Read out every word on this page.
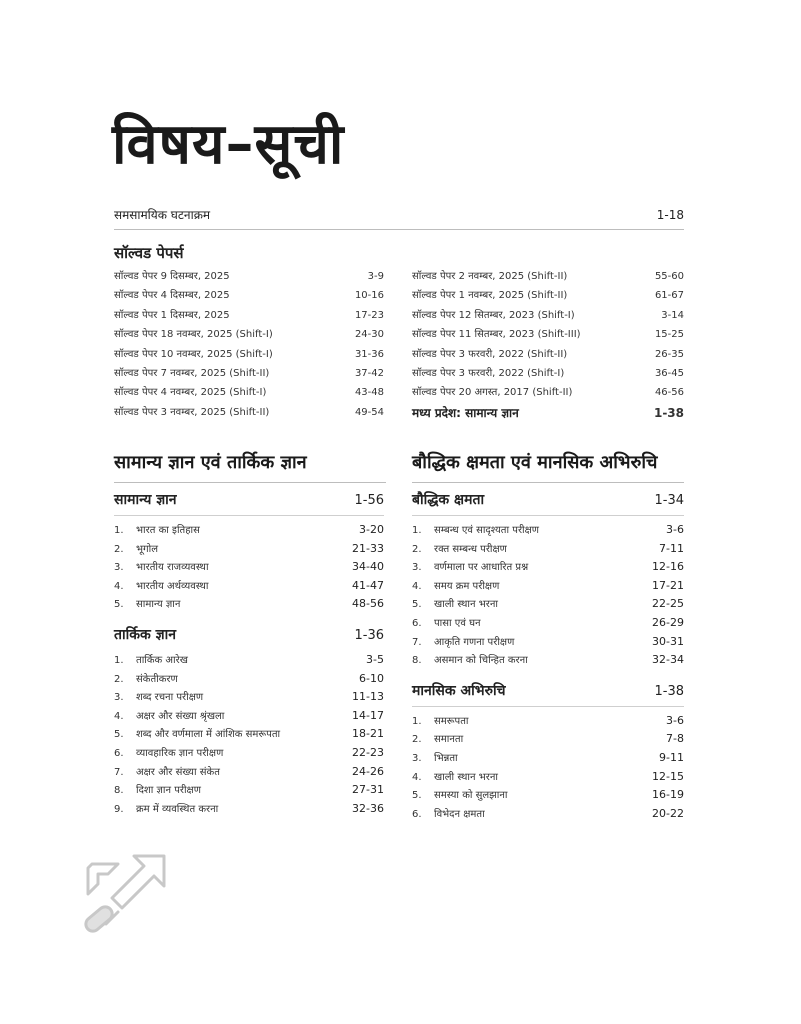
विषय–सूची
समसामयिक घटनाक्रम	1-18
सॉल्वड पेपर्स
सॉल्वड पेपर 9 दिसम्बर, 2025	3-9
सॉल्वड पेपर 4 दिसम्बर, 2025	10-16
सॉल्वड पेपर 1 दिसम्बर, 2025	17-23
सॉल्वड पेपर 18 नवम्बर, 2025 (Shift-I)	24-30
सॉल्वड पेपर 10 नवम्बर, 2025 (Shift-I)	31-36
सॉल्वड पेपर 7 नवम्बर, 2025 (Shift-II)	37-42
सॉल्वड पेपर 4 नवम्बर, 2025 (Shift-I)	43-48
सॉल्वड पेपर 3 नवम्बर, 2025 (Shift-II)	49-54
सॉल्वड पेपर 2 नवम्बर, 2025 (Shift-II)	55-60
सॉल्वड पेपर 1 नवम्बर, 2025 (Shift-II)	61-67
सॉल्वड पेपर 12 सितम्बर, 2023 (Shift-I)	3-14
सॉल्वड पेपर 11 सितम्बर, 2023 (Shift-III)	15-25
सॉल्वड पेपर 3 फरवरी, 2022 (Shift-II)	26-35
सॉल्वड पेपर 3 फरवरी, 2022 (Shift-I)	36-45
सॉल्वड पेपर 20 अगस्त, 2017 (Shift-II)	46-56
मध्य प्रदेश: सामान्य ज्ञान	1-38
सामान्य ज्ञान एवं तार्किक ज्ञान	बौद्धिक क्षमता एवं मानसिक अभिरुचि
सामान्य ज्ञान	1-56
1. भारत का इतिहास	3-20
2. भूगोल	21-33
3. भारतीय राजव्यवस्था	34-40
4. भारतीय अर्थव्यवस्था	41-47
5. सामान्य ज्ञान	48-56
तार्किक ज्ञान	1-36
1. तार्किक आरेख	3-5
2. संकेतीकरण	6-10
3. शब्द रचना परीक्षण	11-13
4. अक्षर और संख्या श्रृंखला	14-17
5. शब्द और वर्णमाला में आंशिक समरूपता	18-21
6. व्यावहारिक ज्ञान परीक्षण	22-23
7. अक्षर और संख्या संकेत	24-26
8. दिशा ज्ञान परीक्षण	27-31
9. क्रम में व्यवस्थित करना	32-36
बौद्धिक क्षमता	1-34
1. सम्बन्ध एवं सादृश्यता परीक्षण	3-6
2. रक्त सम्बन्ध परीक्षण	7-11
3. वर्णमाला पर आधारित प्रश्न	12-16
4. समय क्रम परीक्षण	17-21
5. खाली स्थान भरना	22-25
6. पासा एवं घन	26-29
7. आकृति गणना परीक्षण	30-31
8. असमान को चिन्हित करना	32-34
मानसिक अभिरुचि	1-38
1. समरूपता	3-6
2. समानता	7-8
3. भिन्नता	9-11
4. खाली स्थान भरना	12-15
5. समस्या को सुलझाना	16-19
6. विभेदन क्षमता	20-22
